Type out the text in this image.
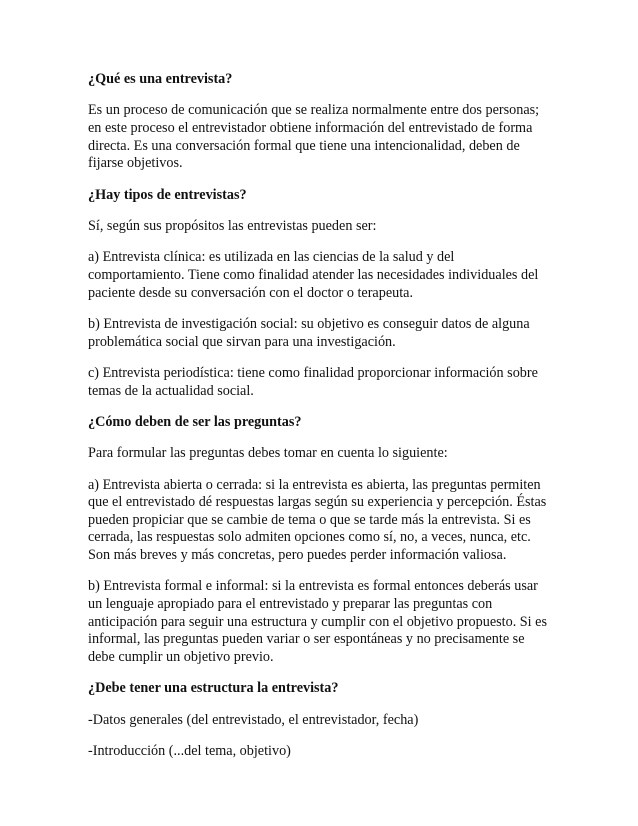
¿Qué es una entrevista?
Es un proceso de comunicación que se realiza normalmente entre dos personas;
en este proceso el entrevistador obtiene información del entrevistado de forma
directa. Es una conversación formal que tiene una intencionalidad, deben de
fijarse objetivos.
¿Hay tipos de entrevistas?
Sí, según sus propósitos las entrevistas pueden ser:
a) Entrevista clínica: es utilizada en las ciencias de la salud y del
comportamiento. Tiene como finalidad atender las necesidades individuales del
paciente desde su conversación con el doctor o terapeuta.
b) Entrevista de investigación social: su objetivo es conseguir datos de alguna
problemática social que sirvan para una investigación.
c) Entrevista periodística: tiene como finalidad proporcionar información sobre
temas de la actualidad social.
¿Cómo deben de ser las preguntas?
Para formular las preguntas debes tomar en cuenta lo siguiente:
a) Entrevista abierta o cerrada: si la entrevista es abierta, las preguntas permiten
que el entrevistado dé respuestas largas según su experiencia y percepción. Éstas
pueden propiciar que se cambie de tema o que se tarde más la entrevista. Si es
cerrada, las respuestas solo admiten opciones como sí, no, a veces, nunca, etc.
Son más breves y más concretas, pero puedes perder información valiosa.
b) Entrevista formal e informal: si la entrevista es formal entonces deberás usar
un lenguaje apropiado para el entrevistado y preparar las preguntas con
anticipación para seguir una estructura y cumplir con el objetivo propuesto. Si es
informal, las preguntas pueden variar o ser espontáneas y no precisamente se
debe cumplir un objetivo previo.
¿Debe tener una estructura la entrevista?
-Datos generales (del entrevistado, el entrevistador, fecha)
-Introducción (...del tema, objetivo)
